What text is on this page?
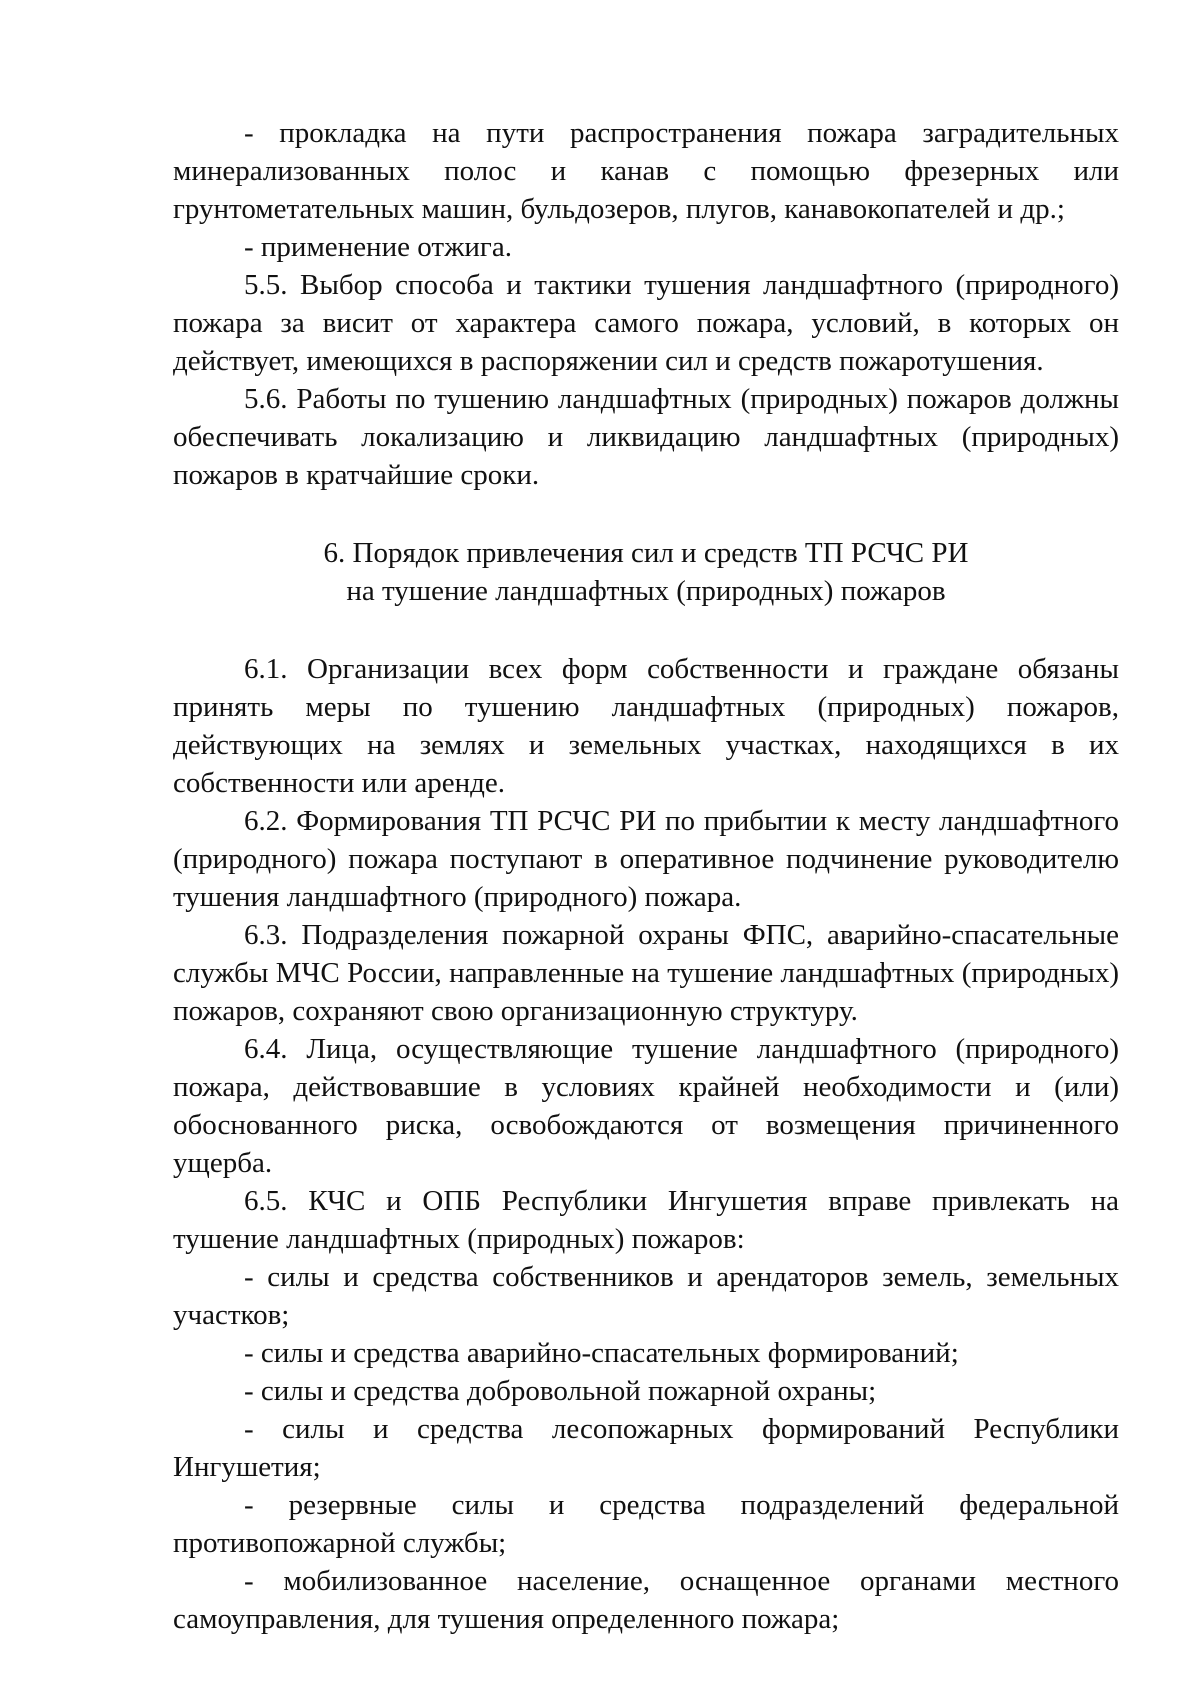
- прокладка на пути распространения пожара заградительных минерализованных полос и канав с помощью фрезерных или грунтометательных машин, бульдозеров, плугов, канавокопателей и др.;

- применение отжига.

5.5. Выбор способа и тактики тушения ландшафтного (природного) пожара за висит от характера самого пожара, условий, в которых он действует, имеющихся в распоряжении сил и средств пожаротушения.

5.6. Работы по тушению ландшафтных (природных) пожаров должны обеспечивать локализацию и ликвидацию ландшафтных (природных) пожаров в кратчайшие сроки.

6. Порядок привлечения сил и средств ТП РСЧС РИ
на тушение ландшафтных (природных) пожаров

6.1. Организации всех форм собственности и граждане обязаны принять меры по тушению ландшафтных (природных) пожаров, действующих на землях и земельных участках, находящихся в их собственности или аренде.

6.2. Формирования ТП РСЧС РИ по прибытии к месту ландшафтного (природного) пожара поступают в оперативное подчинение руководителю тушения ландшафтного (природного) пожара.

6.3. Подразделения пожарной охраны ФПС, аварийно-спасательные службы МЧС России, направленные на тушение ландшафтных (природных) пожаров, сохраняют свою организационную структуру.

6.4. Лица, осуществляющие тушение ландшафтного (природного) пожара, действовавшие в условиях крайней необходимости и (или) обоснованного риска, освобождаются от возмещения причиненного ущерба.

6.5. КЧС и ОПБ Республики Ингушетия вправе привлекать на тушение ландшафтных (природных) пожаров:

- силы и средства собственников и арендаторов земель, земельных участков;

- силы и средства аварийно-спасательных формирований;

- силы и средства добровольной пожарной охраны;

- силы и средства лесопожарных формирований Республики Ингушетия;

- резервные силы и средства подразделений федеральной противопожарной службы;

- мобилизованное население, оснащенное органами местного самоуправления, для тушения определенного пожара;
